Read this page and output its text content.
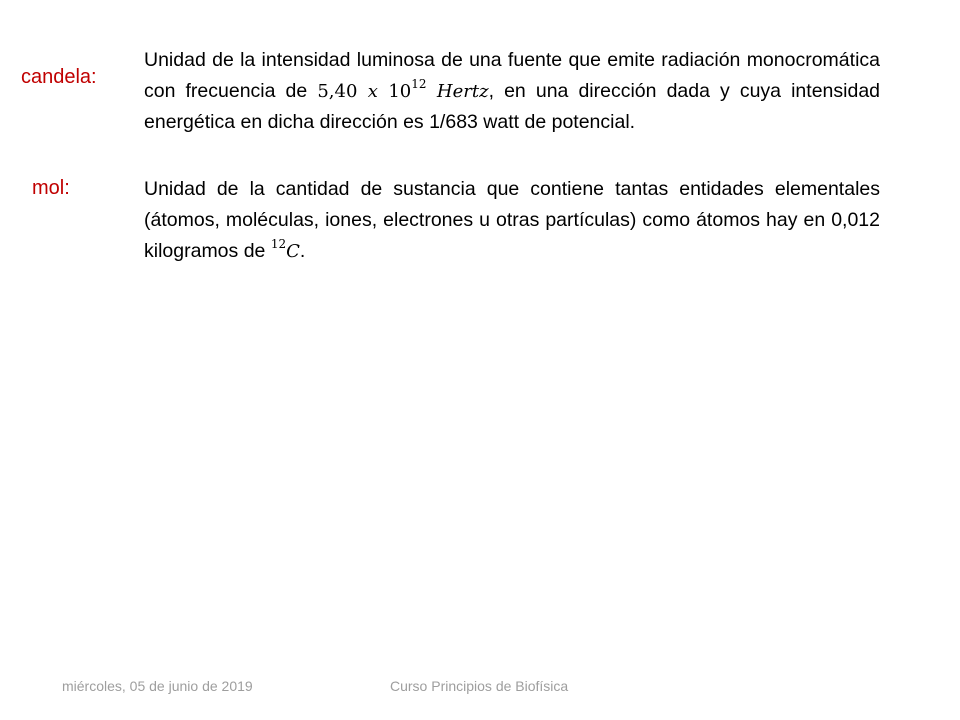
candela:
Unidad de la intensidad luminosa de una fuente que emite radiación monocromática con frecuencia de 5,40 x $10^{12}$ Hertz, en una dirección dada y cuya intensidad energética en dicha dirección es 1/683 watt de potencial.
mol:	Unidad de la cantidad de sustancia que contiene tantas entidades elementales (átomos, moléculas, iones, electrones u otras partículas) como átomos hay en 0,012 kilogramos de $^{12}$C.
miércoles, 05 de junio de 2019	Curso Principios de Biofísica
